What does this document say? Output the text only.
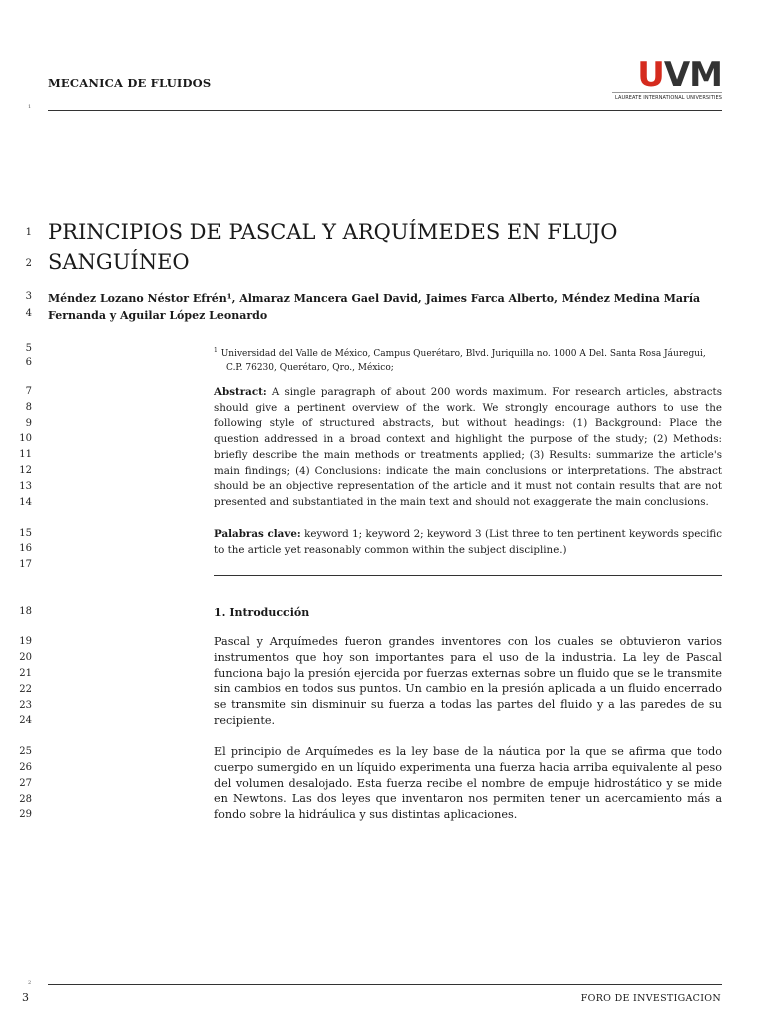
MECANICA DE FLUIDOS
1
UVM
LAUREATE INTERNATIONAL UNIVERSITIES
1
2
3
4
5
6
7
8
9
10
11
12
13
14
15
16
17
18
19
20
21
22
23
24
25
26
27
28
29
PRINCIPIOS DE PASCAL Y ARQUÍMEDES EN FLUJO
SANGUÍNEO
Méndez Lozano Néstor Efrén¹, Almaraz Mancera Gael David, Jaimes Farca Alberto, Méndez Medina María
Fernanda y Aguilar López Leonardo
$^1$ Universidad del Valle de México, Campus Querétaro, Blvd. Juriquilla no. 1000 A Del. Santa Rosa Jáuregui,
C.P. 76230, Querétaro, Qro., México;
Abstract: A single paragraph of about 200 words maximum. For research articles, abstracts should give a pertinent overview of the work. We strongly encourage authors to use the following style of structured abstracts, but without headings: (1) Background: Place the question addressed in a broad context and highlight the purpose of the study; (2) Methods: briefly describe the main methods or treatments applied; (3) Results: summarize the article's main findings; (4) Conclusions: indicate the main conclusions or interpretations. The abstract should be an objective representation of the article and it must not contain results that are not presented and substantiated in the main text and should not exaggerate the main conclusions.
Palabras clave: keyword 1; keyword 2; keyword 3 (List three to ten pertinent keywords specific to the article yet reasonably common within the subject discipline.)
1. Introducción
Pascal y Arquímedes fueron grandes inventores con los cuales se obtuvieron varios instrumentos que hoy son importantes para el uso de la industria. La ley de Pascal funciona bajo la presión ejercida por fuerzas externas sobre un fluido que se le transmite sin cambios en todos sus puntos. Un cambio en la presión aplicada a un fluido encerrado se transmite sin disminuir su fuerza a todas las partes del fluido y a las paredes de su recipiente.
El principio de Arquímedes es la ley base de la náutica por la que se afirma que todo cuerpo sumergido en un líquido experimenta una fuerza hacia arriba equivalente al peso del volumen desalojado. Esta fuerza recibe el nombre de empuje hidrostático y se mide en Newtons. Las dos leyes que inventaron nos permiten tener un acercamiento más a fondo sobre la hidráulica y sus distintas aplicaciones.
2
3	FORO DE INVESTIGACION
